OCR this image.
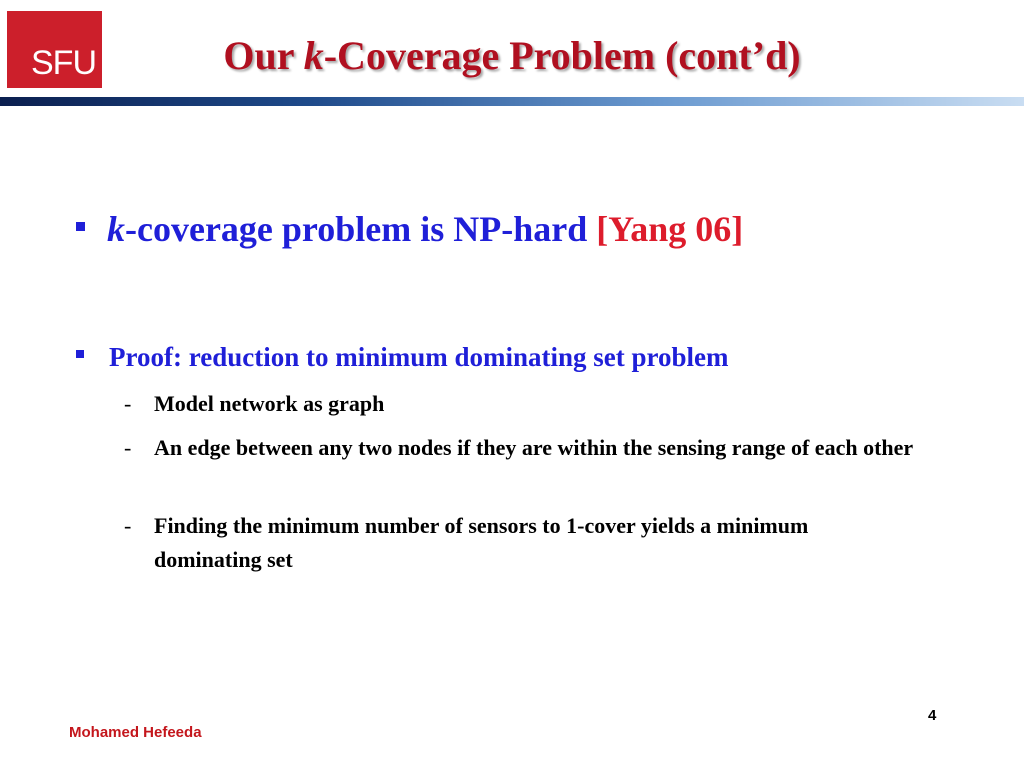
SFU	Our k-Coverage Problem (cont’d)
k-coverage problem is NP-hard [Yang 06]
Proof: reduction to minimum dominating set problem
- Model network as graph
- An edge between any two nodes if they are within the sensing range of each other
- Finding the minimum number of sensors to 1-cover yields a minimum dominating set
Mohamed Hefeeda
4
